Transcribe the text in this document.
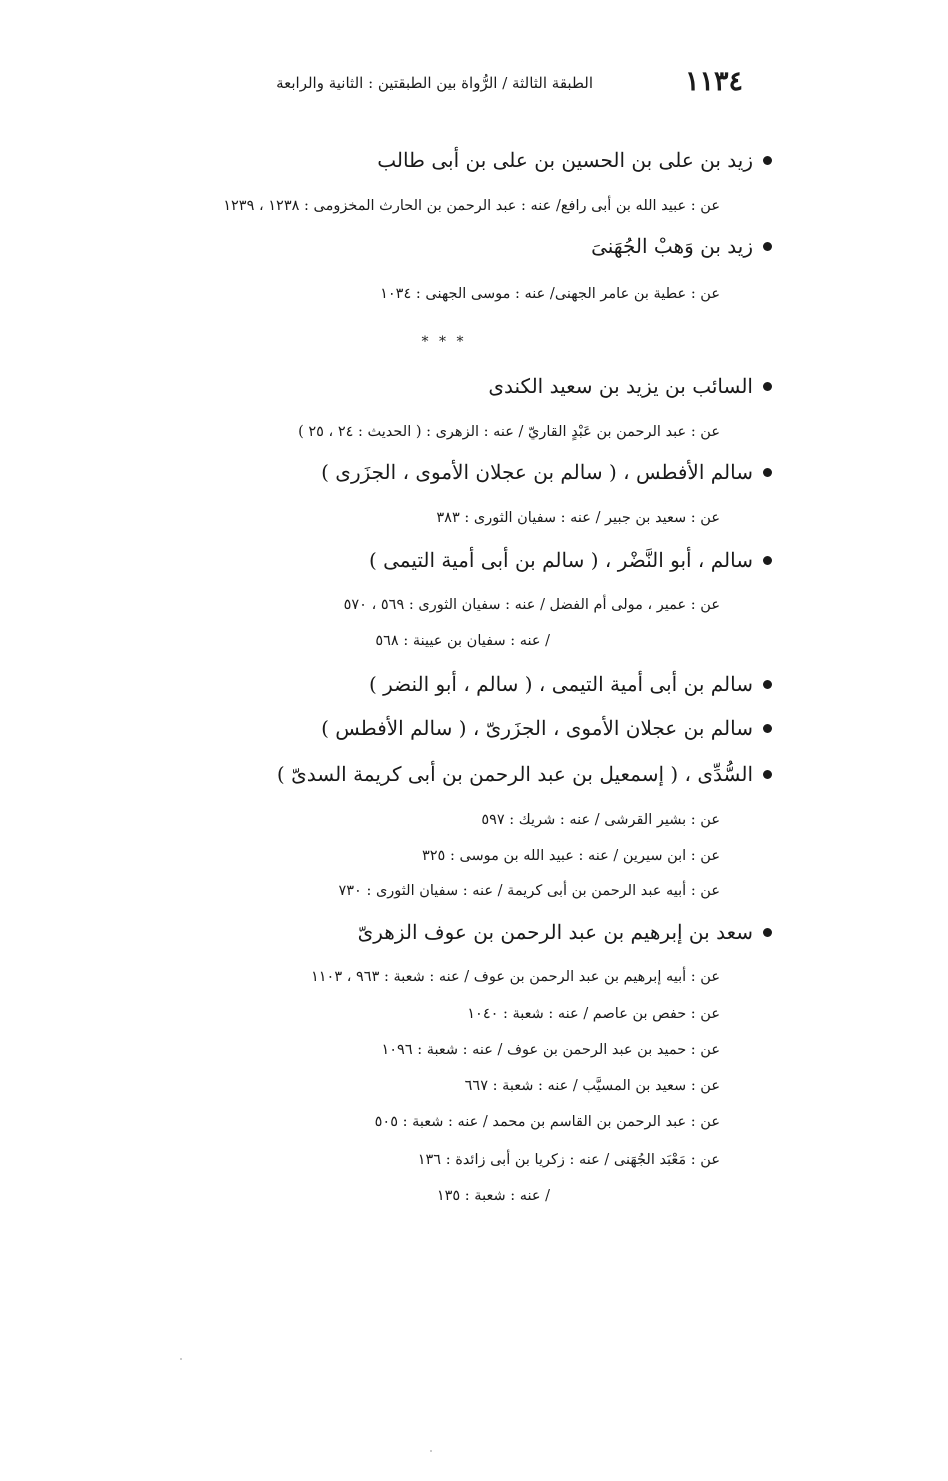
١١٣٤
الطبقة الثالثة / الرُّواة بين الطبقتين : الثانية والرابعة
زيد بن على بن الحسين بن على بن أبى طالب
عن : عبيد الله بن أبى رافع/ عنه : عبد الرحمن بن الحارث المخزومى : ١٢٣٨ ، ١٢٣٩
زيد بن وَهبْ الجُهَنىَ
عن : عطية بن عامر الجهنى/ عنه : موسى الجهنى : ١٠٣٤
* * *
السائب بن يزيد بن سعيد الكندى
عن : عبد الرحمن بن عَبْدٍ القاريّ / عنه : الزهرى : ( الحديث : ٢٤ ، ٢٥ )
سالم الأفطس ، ( سالم بن عجلان الأموى ، الجزَرى )
عن : سعيد بن جبير / عنه : سفيان الثورى : ٣٨٣
سالم ، أبو النَّضْر ، ( سالم بن أبى أمية التيمى )
عن : عمير ، مولى أم الفضل / عنه : سفيان الثورى : ٥٦٩ ، ٥٧٠
/ عنه : سفيان بن عيينة : ٥٦٨
سالم بن أبى أمية التيمى ، ( سالم ، أبو النضر )
سالم بن عجلان الأموى ، الجزَرىّ ، ( سالم الأفطس )
السُّدِّى ، ( إسمعيل بن عبد الرحمن بن أبى كريمة السدىّ )
عن : بشير القرشى / عنه : شريك : ٥٩٧
عن : ابن سيرين / عنه : عبيد الله بن موسى : ٣٢٥
عن : أبيه عبد الرحمن بن أبى كريمة / عنه : سفيان الثورى : ٧٣٠
سعد بن إبرهيم بن عبد الرحمن بن عوف الزهرىّ
عن : أبيه إبرهيم بن عبد الرحمن بن عوف / عنه : شعبة : ٩٦٣ ، ١١٠٣
عن : حفص بن عاصم / عنه : شعبة : ١٠٤٠
عن : حميد بن عبد الرحمن بن عوف / عنه : شعبة : ١٠٩٦
عن : سعيد بن المسيَّب / عنه : شعبة : ٦٦٧
عن : عبد الرحمن بن القاسم بن محمد / عنه : شعبة : ٥٠٥
عن : مَعْبَد الجُهَنى / عنه : زكريا بن أبى زائدة : ١٣٦
/ عنه : شعبة : ١٣٥
